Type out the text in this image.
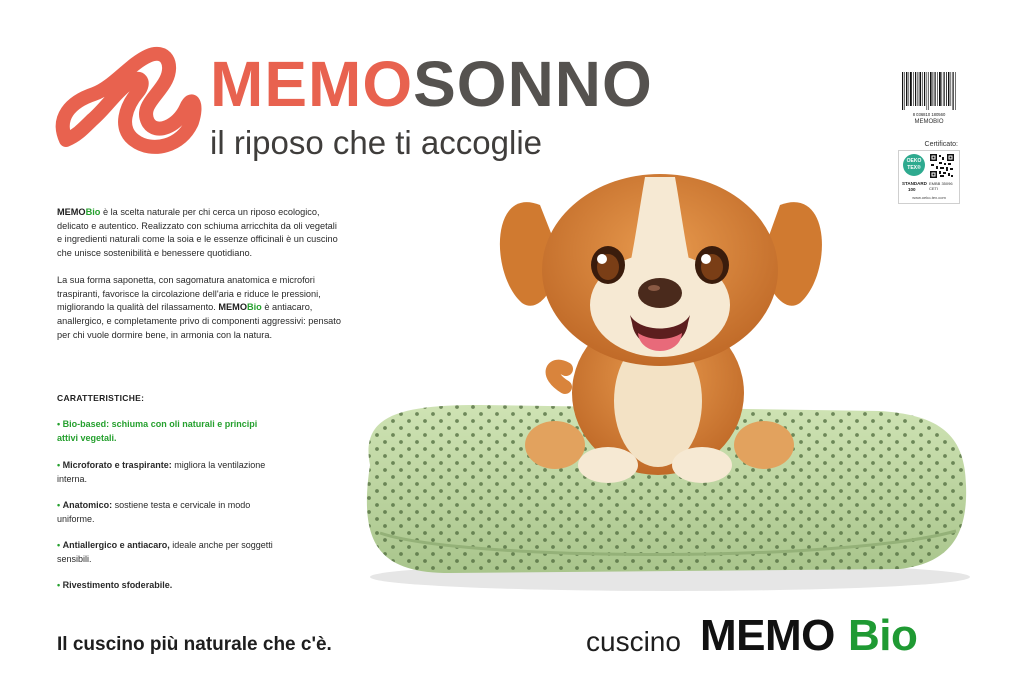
MEMOSONNO
il riposo che ti accoglie
8 036810 180560
MEMOBIO
Certificato:
OEKO
TEX®
STANDARD
100
EMBB 35096 CETI
www.oeko-tex.com

MEMOBio è la scelta naturale per chi cerca un riposo ecologico, delicato e autentico. Realizzato con schiuma arricchita da oli vegetali e ingredienti naturali come la soia e le essenze officinali è un cuscino che unisce sostenibilità e benessere quotidiano.

La sua forma saponetta, con sagomatura anatomica e microfori traspiranti, favorisce la circolazione dell'aria e riduce le pressioni, migliorando la qualità del rilassamento. MEMOBio è antiacaro, anallergico, e completamente privo di componenti aggressivi: pensato per chi vuole dormire bene, in armonia con la natura.

CARATTERISTICHE:
• Bio-based: schiuma con oli naturali e principi attivi vegetali.
• Microforato e traspirante: migliora la ventilazione interna.
• Anatomico: sostiene testa e cervicale in modo uniforme.
• Antiallergico e antiacaro, ideale anche per soggetti sensibili.
• Rivestimento sfoderabile.
Il cuscino più naturale che c'è.	cuscino MEMO Bio
